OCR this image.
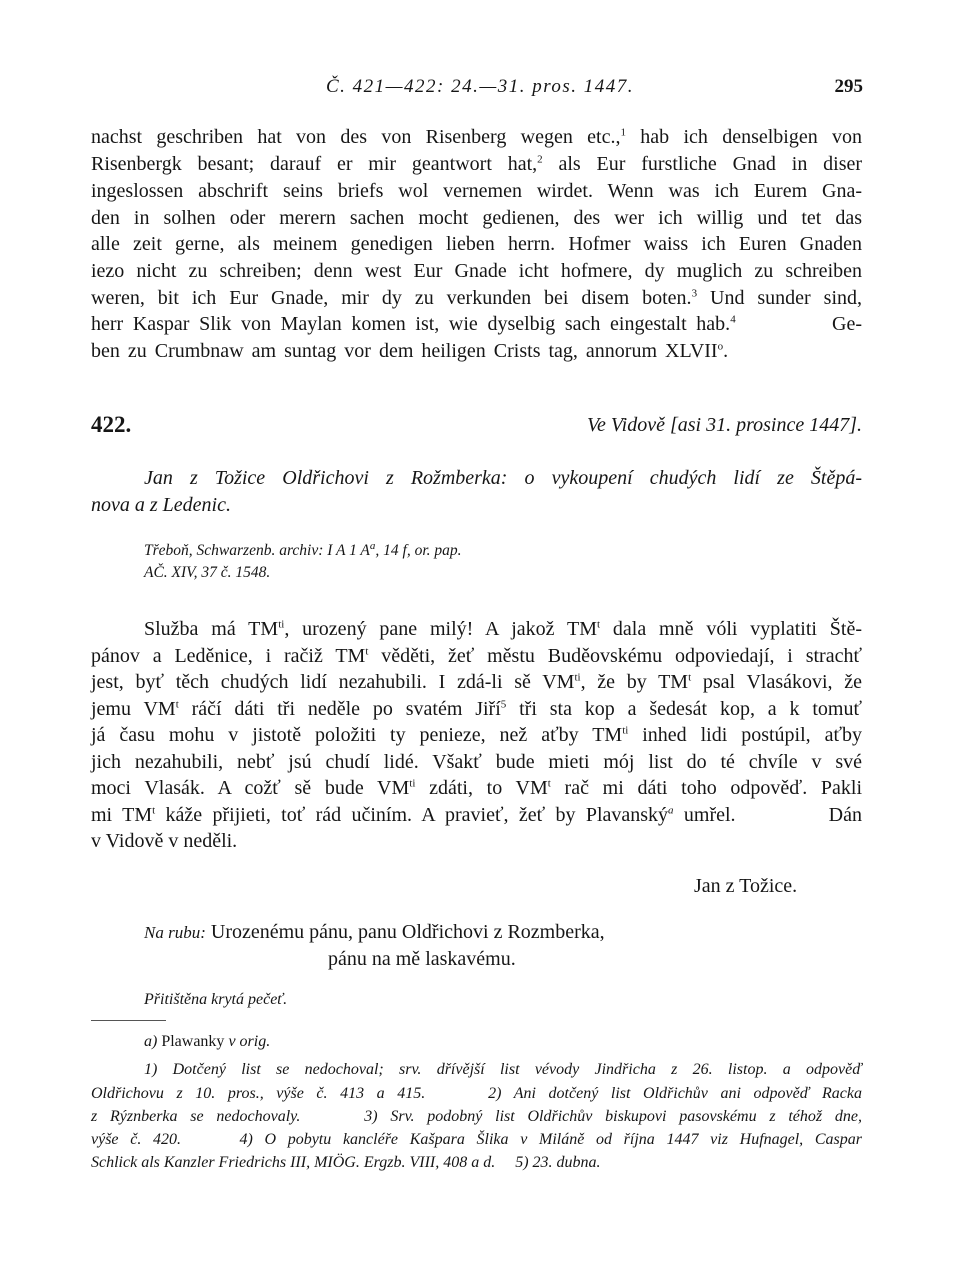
Č. 421—422: 24.—31. pros. 1447.	295
nachst geschriben hat von des von Risenberg wegen etc.,$^1$ hab ich denselbigen von
Risenbergk besant; darauf er mir geantwort hat,$^2$ als Eur furstliche Gnad in diser
ingeslossen abschrift seins briefs wol vernemen wirdet. Wenn was ich Eurem Gna-
den in solhen oder merern sachen mocht gedienen, des wer ich willig und tet das
alle zeit gerne, als meinem genedigen lieben herrn. Hofmer waiss ich Euren Gnaden
iezo nicht zu schreiben; denn west Eur Gnade icht hofmere, dy muglich zu schreiben
weren, bit ich Eur Gnade, mir dy zu verkunden bei disem boten.$^3$ Und sunder sind,
herr Kaspar Slik von Maylan komen ist, wie dyselbig sach eingestalt hab.$^4$	Ge-
ben zu Crumbnaw am suntag vor dem heiligen Crists tag, annorum XLVII$^o$.
422.	Ve Vidově [asi 31. prosince 1447].
Jan z Tožice Oldřichovi z Rožmberka: o vykoupení chudých lidí ze Štěpá-
nova a z Ledenic.
Třeboň, Schwarzenb. archiv: I A 1 $A^a$, 14 f, or. pap.
AČ. XIV, 37 č. 1548.
Služba má $TM^{ti}$, urozený pane milý! A jakož $TM^t$ dala mně vóli vyplatiti Ště-
pánov a Leděnice, i račiž $TM^t$ věděti, žeť městu Buděovskému odpoviedají, i strachť
jest, byť těch chudých lidí nezahubili. I zdá-li sě $VM^{ti}$, že by $TM^t$ psal Vlasákovi, že
jemu $VM^t$ ráčí dáti tři neděle po svatém Jiří$^5$ tři sta kop a šedesát kop, a k tomuť
já času mohu v jistotě položiti ty penieze, než aťby $TM^{ti}$ inhed lidi postúpil, aťby
jich nezahubili, nebť jsú chudí lidé. Všakť bude mieti mój list do té chvíle v své
moci Vlasák. A cožť sě bude $VM^{ti}$ zdáti, to $VM^t$ rač mi dáti toho odpověď. Pakli
mi $TM^t$ káže přijieti, toť rád učiním. A pravieť, žeť by Plavanský$^a$ umřel.	Dán
v Vidově v neděli.
Jan z Tožice.
Na rubu: Urozenému pánu, panu Oldřichovi z Rozmberka,
pánu na mě laskavému.
Přitištěna krytá pečeť.
a) Plawanky v orig.
1) Dotčený list se nedochoval; srv. dřívější list vévody Jindřicha z 26. listop. a odpověď
Oldřichovu z 10. pros., výše č. 413 a 415.     2) Ani dotčený list Oldřichův ani odpověď Racka
z Rýznberka se nedochovaly.     3) Srv. podobný list Oldřichův biskupovi pasovskému z téhož dne,
výše č. 420.     4) O pobytu kancléře Kašpara Šlika v Miláně od října 1447 viz Hufnagel, Caspar
Schlick als Kanzler Friedrichs III, MIÖG. Ergzb. VIII, 408 a d.     5) 23. dubna.
